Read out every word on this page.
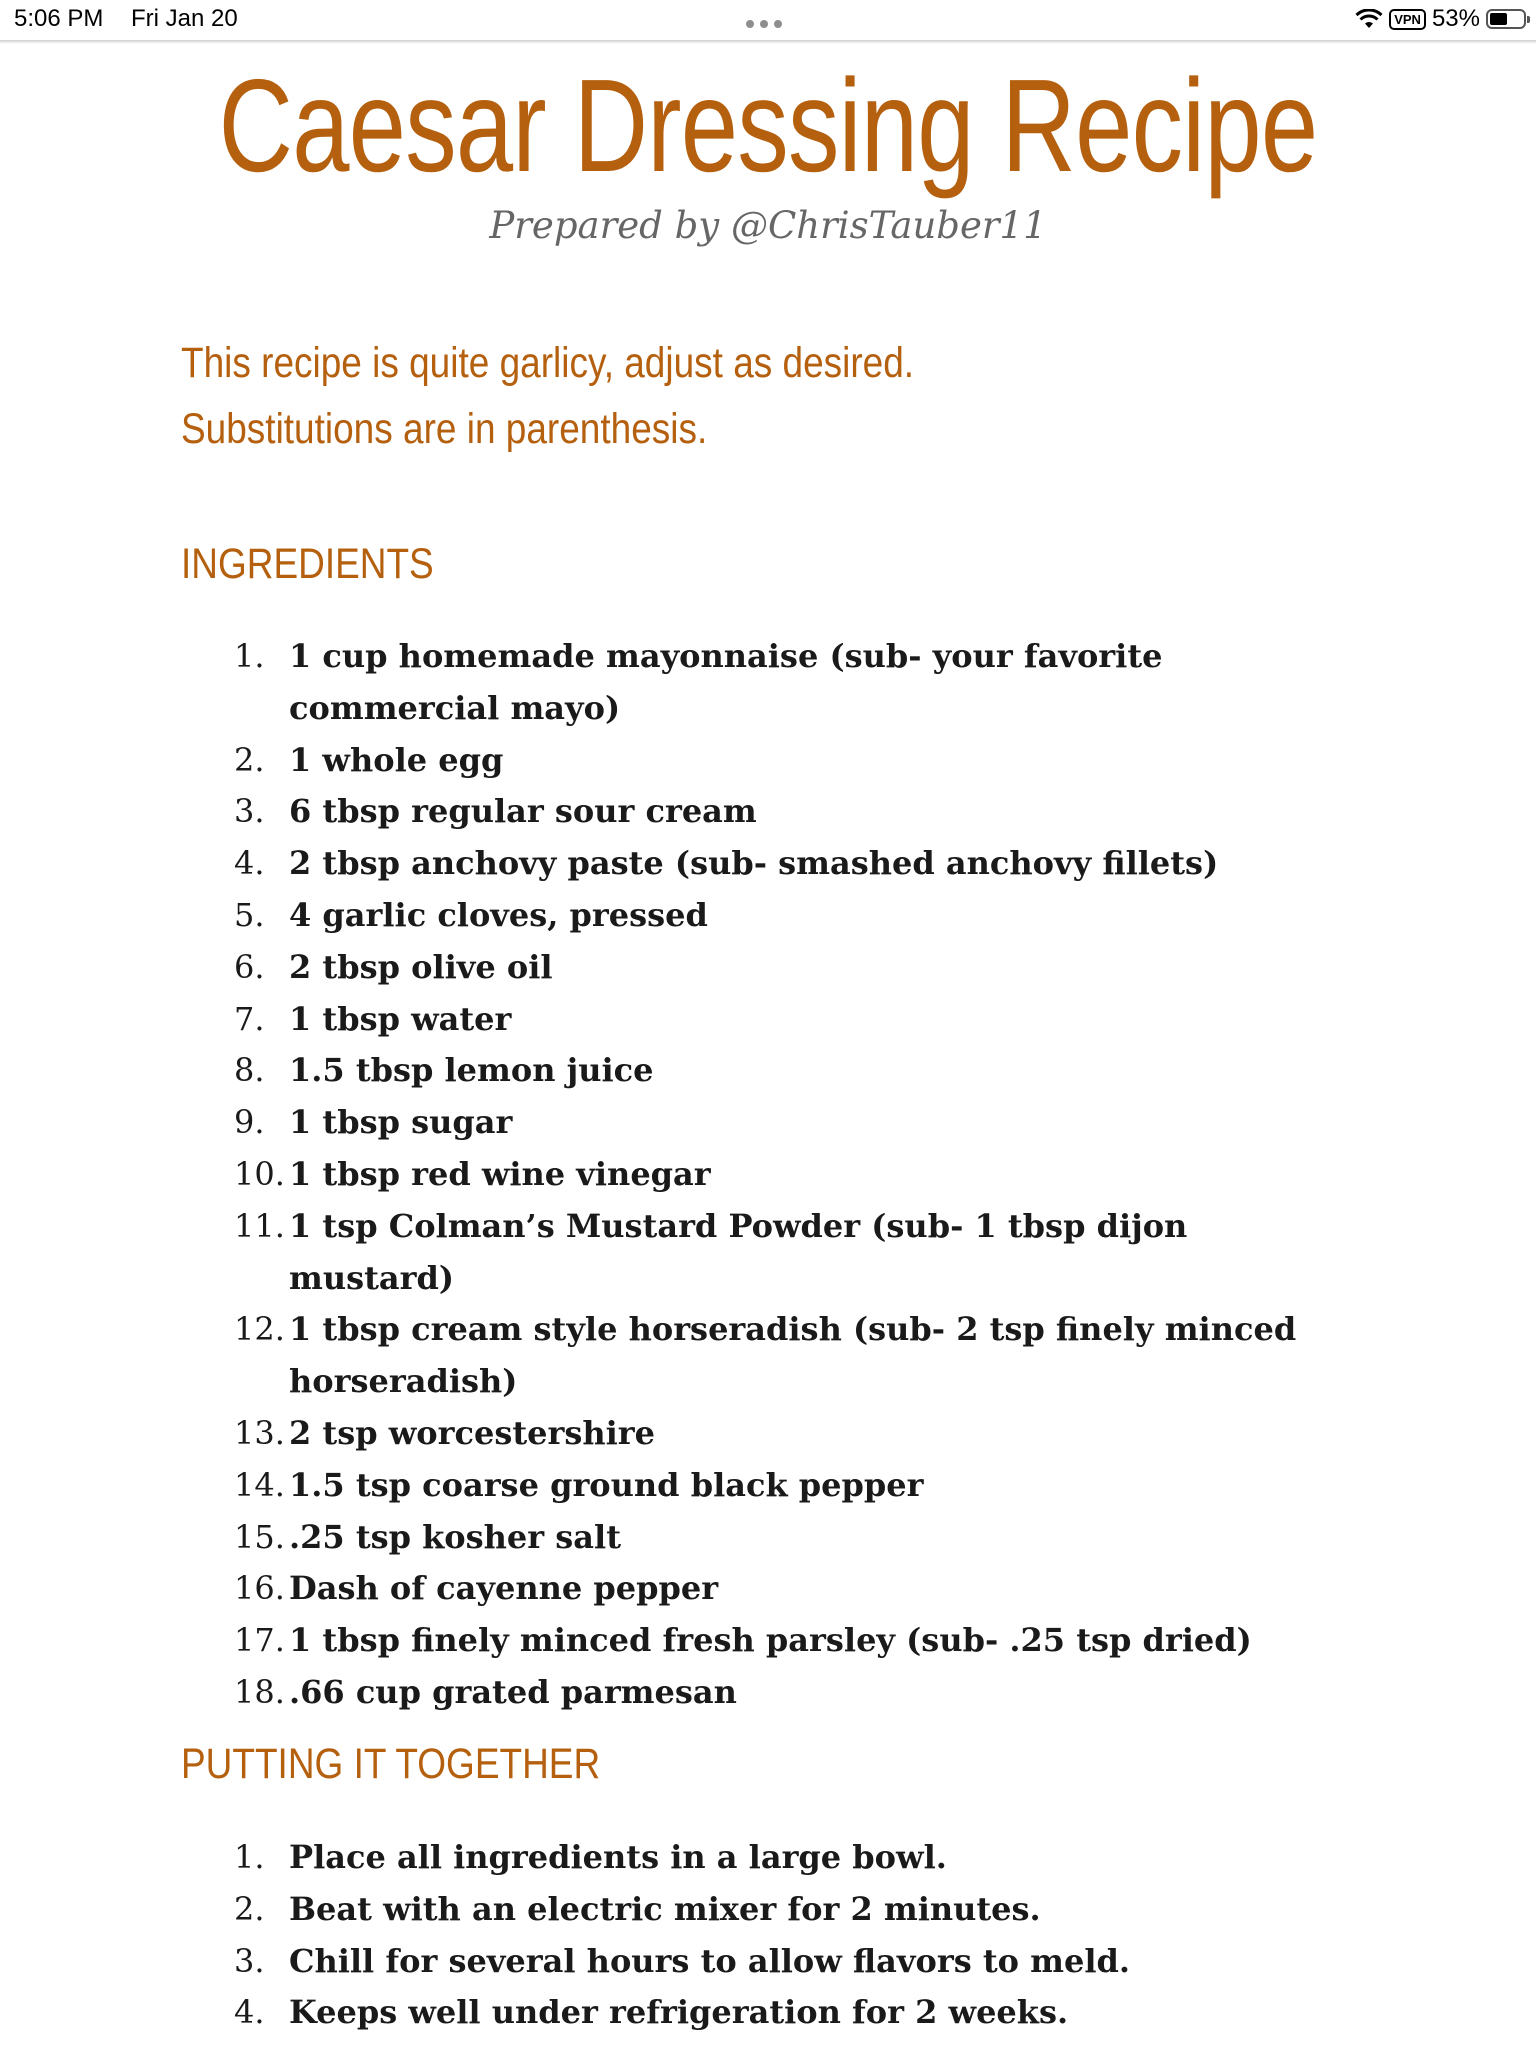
5:06 PM Fri Jan 20	VPN 53%
Caesar Dressing Recipe
Prepared by @ChrisTauber11
This recipe is quite garlicy, adjust as desired. Substitutions are in parenthesis.
INGREDIENTS
1. 1 cup homemade mayonnaise (sub- your favorite commercial mayo)
2. 1 whole egg
3. 6 tbsp regular sour cream
4. 2 tbsp anchovy paste (sub- smashed anchovy fillets)
5. 4 garlic cloves, pressed
6. 2 tbsp olive oil
7. 1 tbsp water
8. 1.5 tbsp lemon juice
9. 1 tbsp sugar
10. 1 tbsp red wine vinegar
11. 1 tsp Colman’s Mustard Powder (sub- 1 tbsp dijon mustard)
12. 1 tbsp cream style horseradish (sub- 2 tsp finely minced horseradish)
13. 2 tsp worcestershire
14. 1.5 tsp coarse ground black pepper
15. .25 tsp kosher salt
16. Dash of cayenne pepper
17. 1 tbsp finely minced fresh parsley (sub- .25 tsp dried)
18. .66 cup grated parmesan
PUTTING IT TOGETHER
1. Place all ingredients in a large bowl.
2. Beat with an electric mixer for 2 minutes.
3. Chill for several hours to allow flavors to meld.
4. Keeps well under refrigeration for 2 weeks.
